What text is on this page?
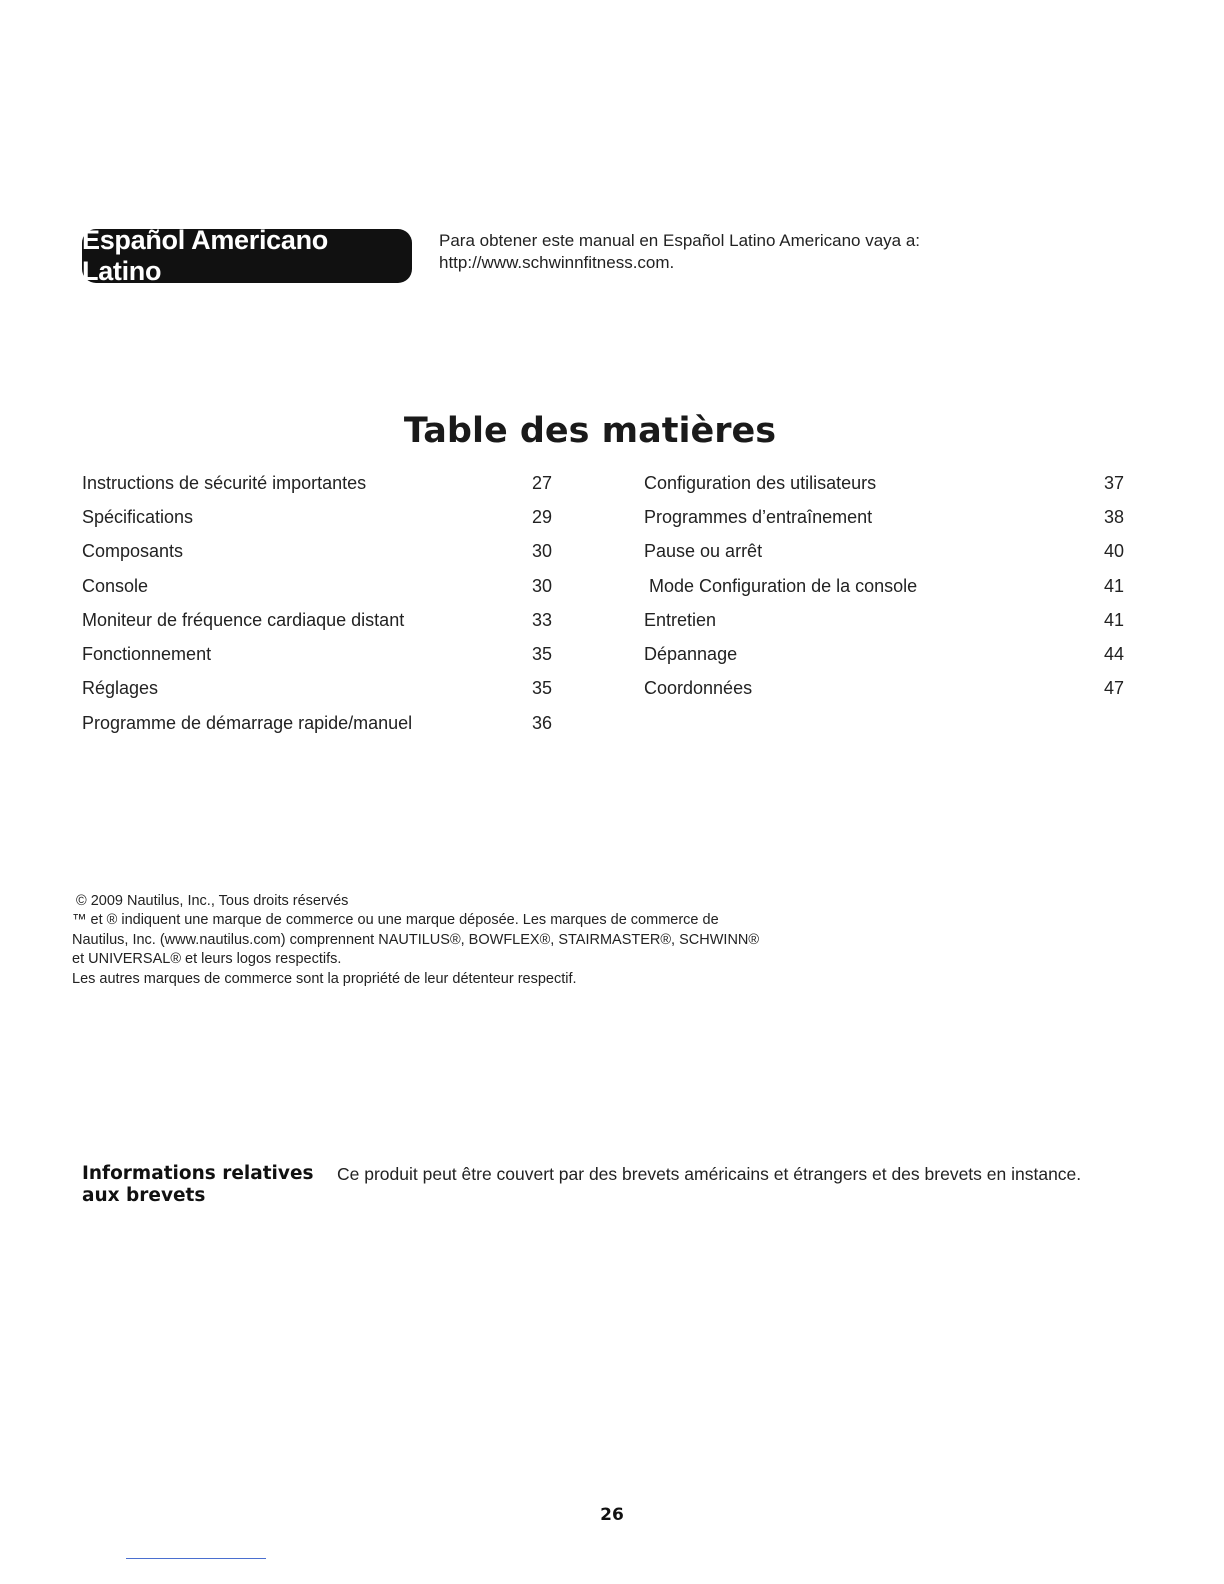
Español Americano Latino
Para obtener este manual en Español Latino Americano vaya a:
http://www.schwinnfitness.com.
Table des matières
Instructions de sécurité importantes	27
Spécifications	29
Composants	30
Console	30
Moniteur de fréquence cardiaque distant	33
Fonctionnement	35
Réglages	35
Programme de démarrage rapide/manuel	36
Configuration des utilisateurs	37
Programmes d’entraînement	38
Pause ou arrêt	40
Mode Configuration de la console	41
Entretien	41
Dépannage	44
Coordonnées	47
© 2009 Nautilus, Inc., Tous droits réservés
™ et ® indiquent une marque de commerce ou une marque déposée. Les marques de commerce de
Nautilus, Inc. (www.nautilus.com) comprennent NAUTILUS®, BOWFLEX®, STAIRMASTER®, SCHWINN®
et UNIVERSAL® et leurs logos respectifs.
Les autres marques de commerce sont la propriété de leur détenteur respectif.
Informations relatives
aux brevets
Ce produit peut être couvert par des brevets américains et étrangers et des brevets en instance.
26
